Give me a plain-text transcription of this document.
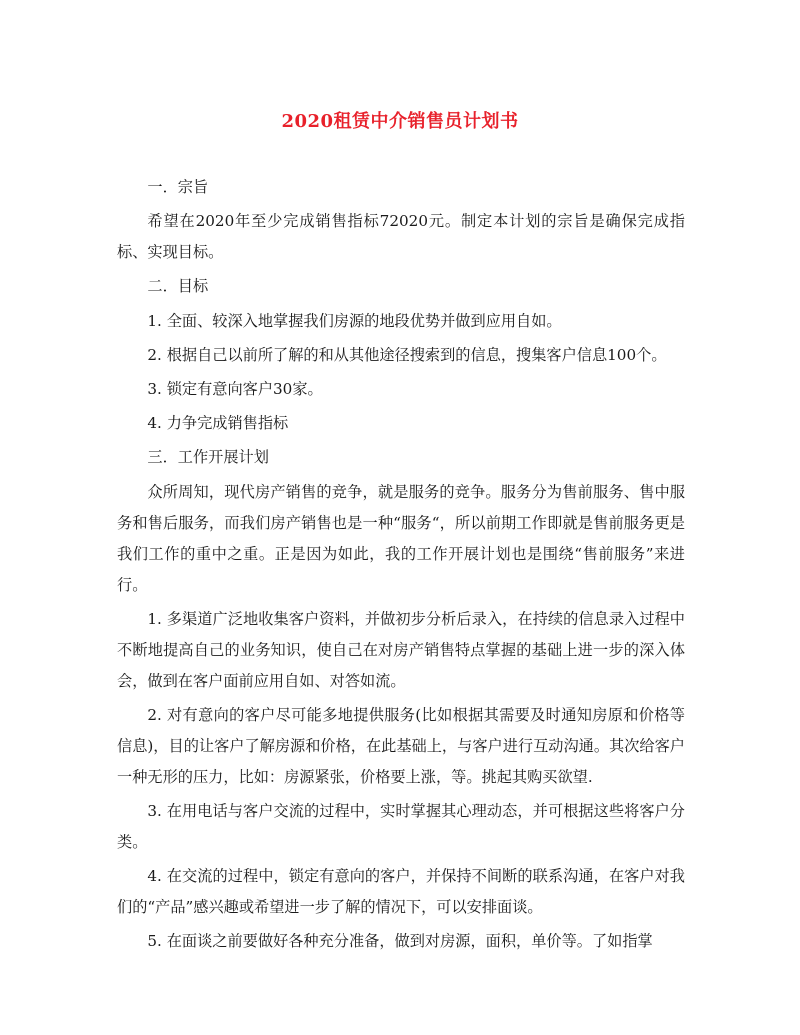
2020租赁中介销售员计划书

一．宗旨

希望在2020年至少完成销售指标72020元。制定本计划的宗旨是确保完成指标、实现目标。

二．目标

1. 全面、较深入地掌握我们房源的地段优势并做到应用自如。

2. 根据自己以前所了解的和从其他途径搜索到的信息，搜集客户信息100个。

3. 锁定有意向客户30家。

4. 力争完成销售指标

三．工作开展计划

众所周知，现代房产销售的竞争，就是服务的竞争。服务分为售前服务、售中服务和售后服务，而我们房产销售也是一种“服务“，所以前期工作即就是售前服务更是我们工作的重中之重。正是因为如此，我的工作开展计划也是围绕“售前服务”来进行。

1. 多渠道广泛地收集客户资料，并做初步分析后录入，在持续的信息录入过程中不断地提高自己的业务知识，使自己在对房产销售特点掌握的基础上进一步的深入体会，做到在客户面前应用自如、对答如流。

2. 对有意向的客户尽可能多地提供服务(比如根据其需要及时通知房原和价格等信息)，目的让客户了解房源和价格，在此基础上，与客户进行互动沟通。其次给客户一种无形的压力，比如：房源紧张，价格要上涨，等。挑起其购买欲望.

3. 在用电话与客户交流的过程中，实时掌握其心理动态，并可根据这些将客户分类。

4. 在交流的过程中，锁定有意向的客户，并保持不间断的联系沟通，在客户对我们的“产品”感兴趣或希望进一步了解的情况下，可以安排面谈。

5. 在面谈之前要做好各种充分准备，做到对房源，面积，单价等。了如指掌
